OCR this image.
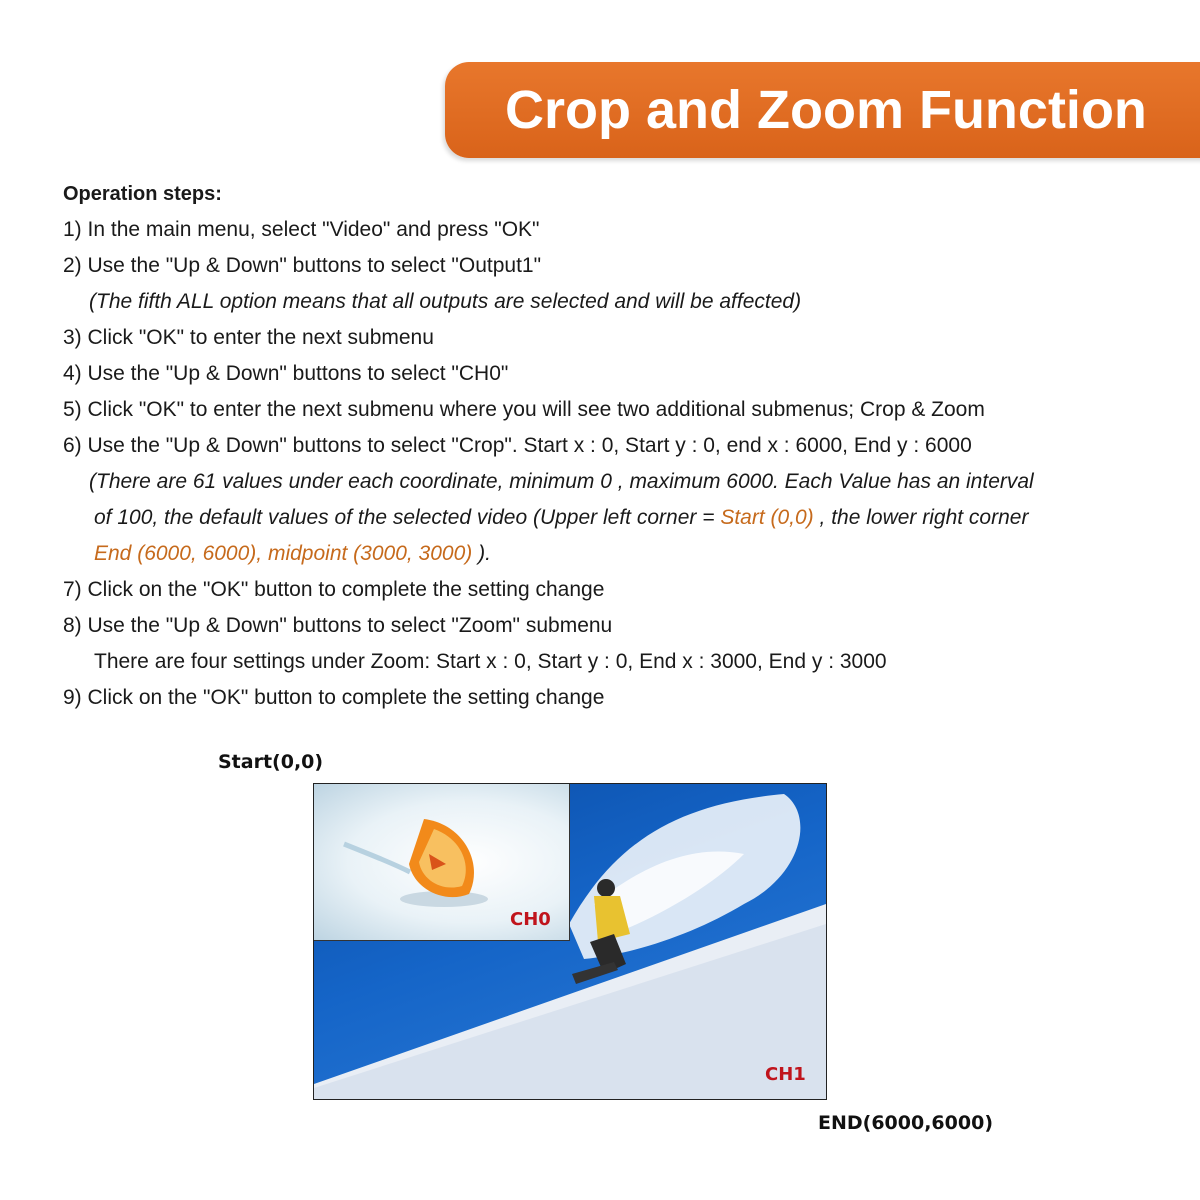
Crop and Zoom Function
Operation steps:
1) In the main menu, select "Video" and press "OK"
2) Use the "Up & Down" buttons to select "Output1"
(The fifth ALL option means that all outputs are selected and will be affected)
3) Click "OK" to enter the next submenu
4) Use the "Up & Down" buttons to select "CH0"
5) Click "OK" to enter the next submenu where you will see two additional submenus; Crop & Zoom
6) Use the "Up & Down" buttons to select "Crop". Start x : 0, Start y : 0, end x : 6000, End y : 6000
(There are 61 values under each coordinate, minimum 0 , maximum 6000. Each Value has an interval
of 100, the default values of the selected video (Upper left corner = Start (0,0) , the lower right corner
End (6000, 6000), midpoint (3000, 3000) ).
7) Click on the "OK" button to complete the setting change
8) Use the "Up & Down" buttons to select "Zoom" submenu
There are four settings under Zoom: Start x : 0, Start y : 0, End x : 3000, End y : 3000
9) Click on the "OK" button to complete the setting change
Start(0,0)
CH0
CH1
END(6000,6000)
